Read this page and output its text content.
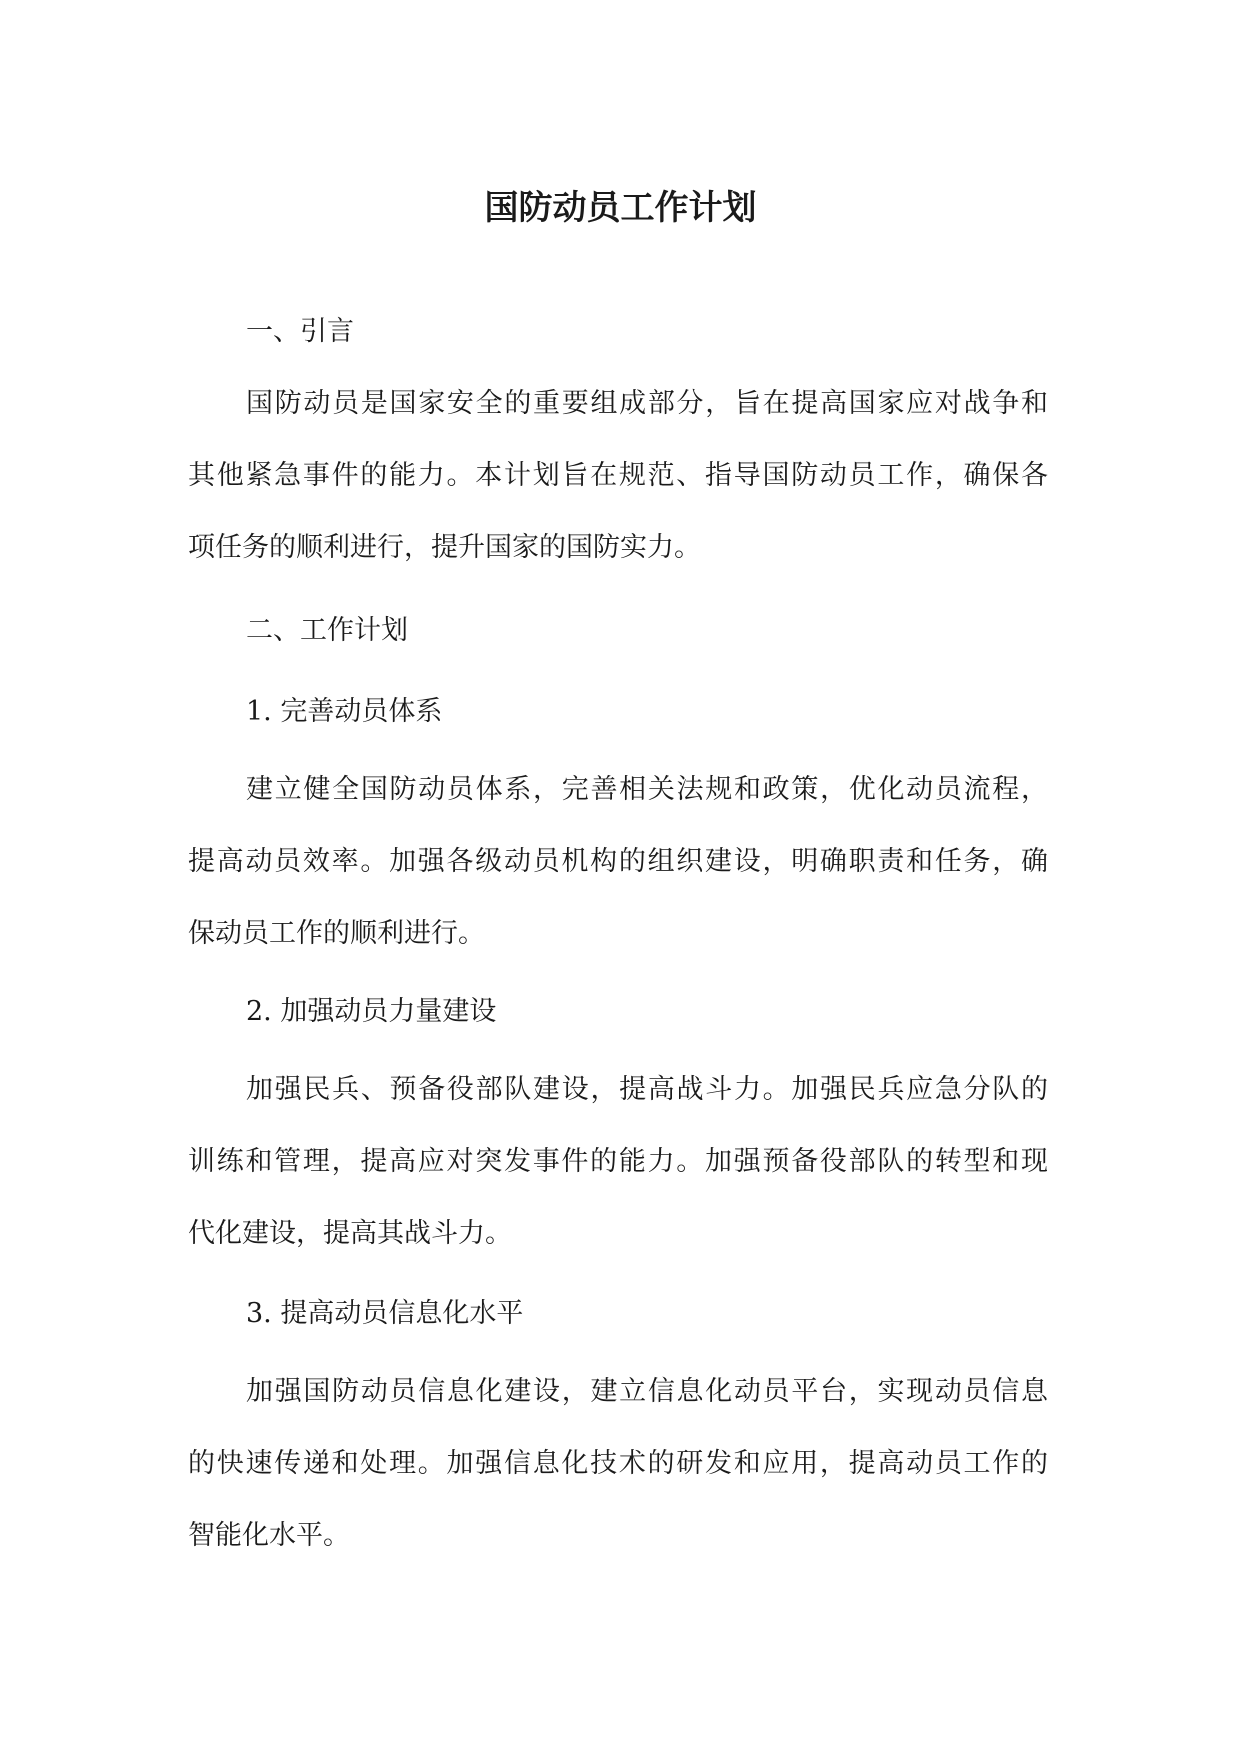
国防动员工作计划

一、引言

国防动员是国家安全的重要组成部分，旨在提高国家应对战争和

其他紧急事件的能力。本计划旨在规范、指导国防动员工作，确保各

项任务的顺利进行，提升国家的国防实力。

二、工作计划

1. 完善动员体系

建立健全国防动员体系，完善相关法规和政策，优化动员流程，

提高动员效率。加强各级动员机构的组织建设，明确职责和任务，确

保动员工作的顺利进行。

2. 加强动员力量建设

加强民兵、预备役部队建设，提高战斗力。加强民兵应急分队的

训练和管理，提高应对突发事件的能力。加强预备役部队的转型和现

代化建设，提高其战斗力。

3. 提高动员信息化水平

加强国防动员信息化建设，建立信息化动员平台，实现动员信息

的快速传递和处理。加强信息化技术的研发和应用，提高动员工作的

智能化水平。
